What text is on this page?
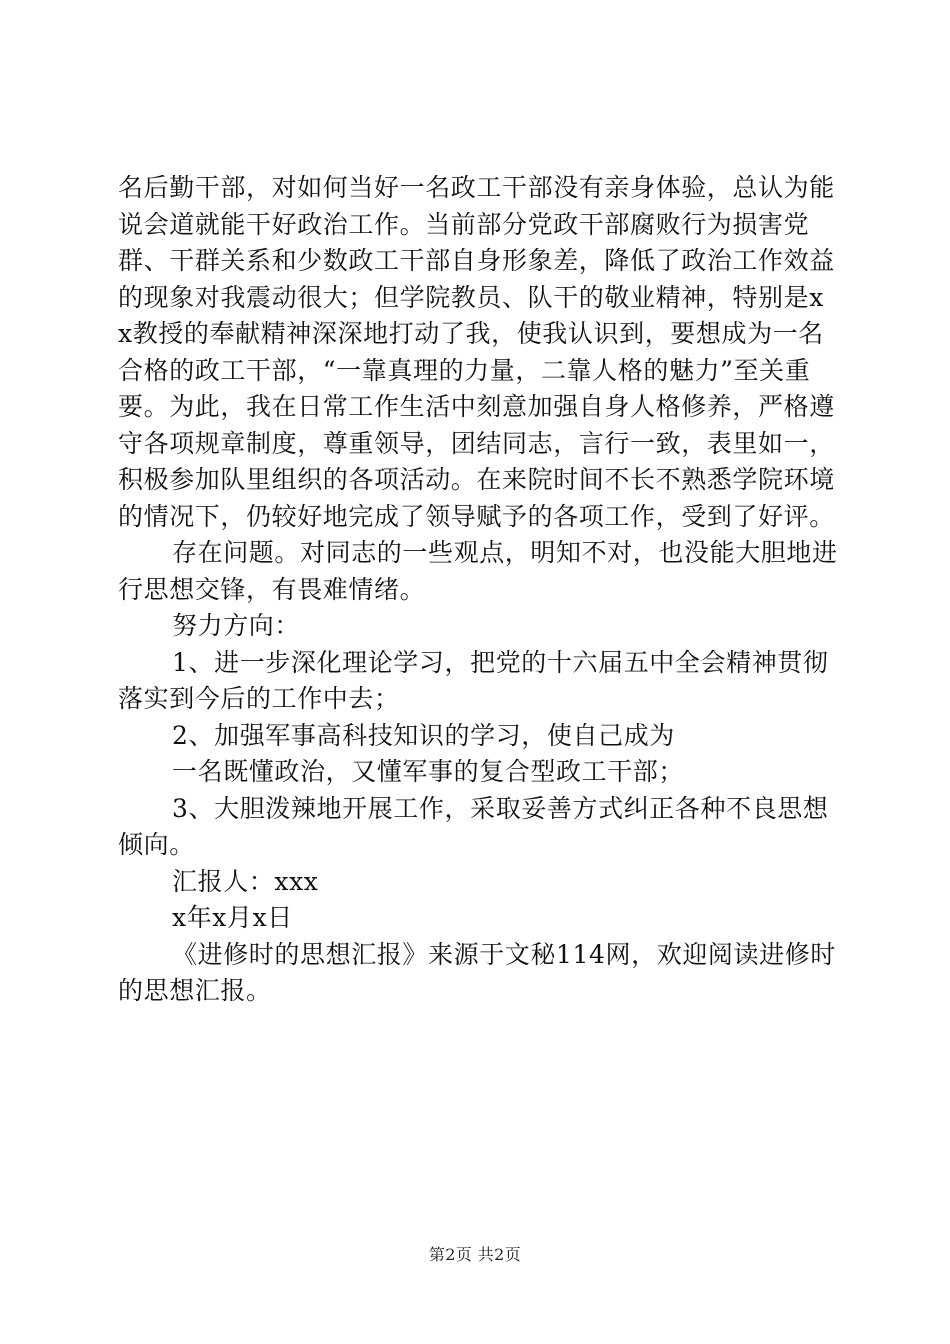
名后勤干部，对如何当好一名政工干部没有亲身体验，总认为能说会道就能干好政治工作。当前部分党政干部腐败行为损害党群、干群关系和少数政工干部自身形象差，降低了政治工作效益的现象对我震动很大；但学院教员、队干的敬业精神，特别是xx教授的奉献精神深深地打动了我，使我认识到，要想成为一名合格的政工干部，“一靠真理的力量，二靠人格的魅力”至关重要。为此，我在日常工作生活中刻意加强自身人格修养，严格遵守各项规章制度，尊重领导，团结同志，言行一致，表里如一，积极参加队里组织的各项活动。在来院时间不长不熟悉学院环境的情况下，仍较好地完成了领导赋予的各项工作，受到了好评。

存在问题。对同志的一些观点，明知不对，也没能大胆地进行思想交锋，有畏难情绪。

努力方向：

1、进一步深化理论学习，把党的十六届五中全会精神贯彻落实到今后的工作中去；

2、加强军事高科技知识的学习，使自己成为

一名既懂政治，又懂军事的复合型政工干部；

3、大胆泼辣地开展工作，采取妥善方式纠正各种不良思想倾向。

汇报人：xxx

x年x月x日

《进修时的思想汇报》来源于文秘114网，欢迎阅读进修时的思想汇报。

第2页 共2页
